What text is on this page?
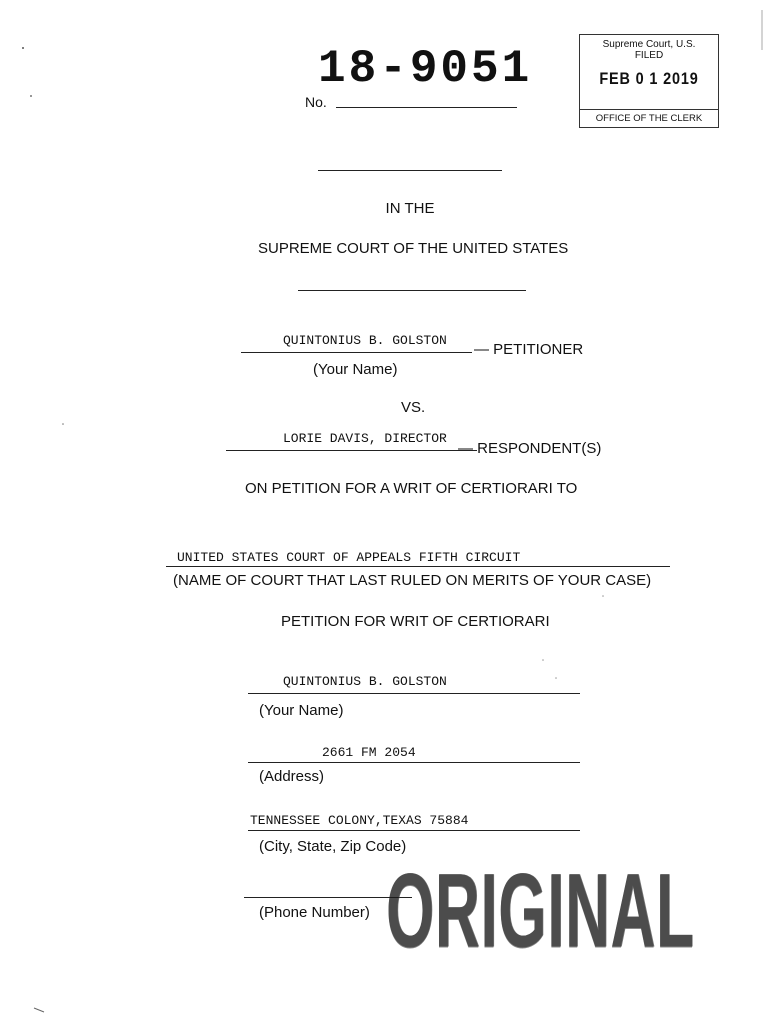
18-9051
No.
Supreme Court, U.S.
FILED
FEB 0 1 2019
OFFICE OF THE CLERK
IN THE
SUPREME COURT OF THE UNITED STATES
QUINTONIUS B. GOLSTON
— PETITIONER
(Your Name)
VS.
LORIE DAVIS, DIRECTOR
— RESPONDENT(S)
ON PETITION FOR A WRIT OF CERTIORARI TO
UNITED STATES COURT OF APPEALS FIFTH CIRCUIT
(NAME OF COURT THAT LAST RULED ON MERITS OF YOUR CASE)
PETITION FOR WRIT OF CERTIORARI
QUINTONIUS B. GOLSTON
(Your Name)
2661 FM 2054
(Address)
TENNESSEE COLONY,TEXAS 75884
(City, State, Zip Code)
(Phone Number) ORIGINAL
